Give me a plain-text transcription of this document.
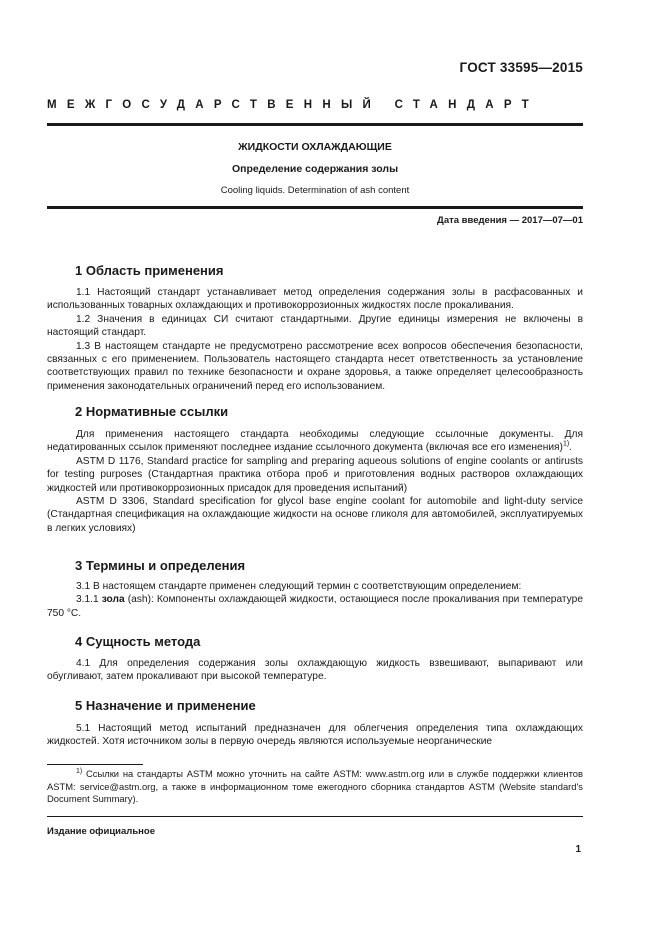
ГОСТ 33595—2015
МЕЖГОСУДАРСТВЕННЫЙ СТАНДАРТ
ЖИДКОСТИ ОХЛАЖДАЮЩИЕ
Определение содержания золы
Cooling liquids. Determination of ash content
Дата введения — 2017—07—01
1 Область применения

1.1 Настоящий стандарт устанавливает метод определения содержания золы в расфасованных и использованных товарных охлаждающих и противокоррозионных жидкостях после прокаливания.

1.2 Значения в единицах СИ считают стандартными. Другие единицы измерения не включены в настоящий стандарт.

1.3 В настоящем стандарте не предусмотрено рассмотрение всех вопросов обеспечения безопасности, связанных с его применением. Пользователь настоящего стандарта несет ответственность за установление соответствующих правил по технике безопасности и охране здоровья, а также определяет целесообразность применения законодательных ограничений перед его использованием.

2 Нормативные ссылки

Для применения настоящего стандарта необходимы следующие ссылочные документы. Для недатированных ссылок применяют последнее издание ссылочного документа (включая все его изменения)$^{1)}$.

ASTM D 1176, Standard practice for sampling and preparing aqueous solutions of engine coolants or antirusts for testing purposes (Стандартная практика отбора проб и приготовления водных растворов охлаждающих жидкостей или противокоррозионных присадок для проведения испытаний)

ASTM D 3306, Standard specification for glycol base engine coolant for automobile and light-duty service (Стандартная спецификация на охлаждающие жидкости на основе гликоля для автомобилей, эксплуатируемых в легких условиях)

3 Термины и определения

3.1 В настоящем стандарте применен следующий термин с соответствующим определением:

3.1.1 зола (ash): Компоненты охлаждающей жидкости, остающиеся после прокаливания при температуре 750 °С.

4 Сущность метода

4.1 Для определения содержания золы охлаждающую жидкость взвешивают, выпаривают или обугливают, затем прокаливают при высокой температуре.

5 Назначение и применение

5.1 Настоящий метод испытаний предназначен для облегчения определения типа охлаждающих жидкостей. Хотя источником золы в первую очередь являются используемые неорганические

$^{1)}$ Ссылки на стандарты ASTM можно уточнить на сайте ASTM: www.astm.org или в службе поддержки клиентов ASTM: service@astm.org, а также в информационном томе ежегодного сборника стандартов ASTM (Website standard's Document Summary).

Издание официальное
1
